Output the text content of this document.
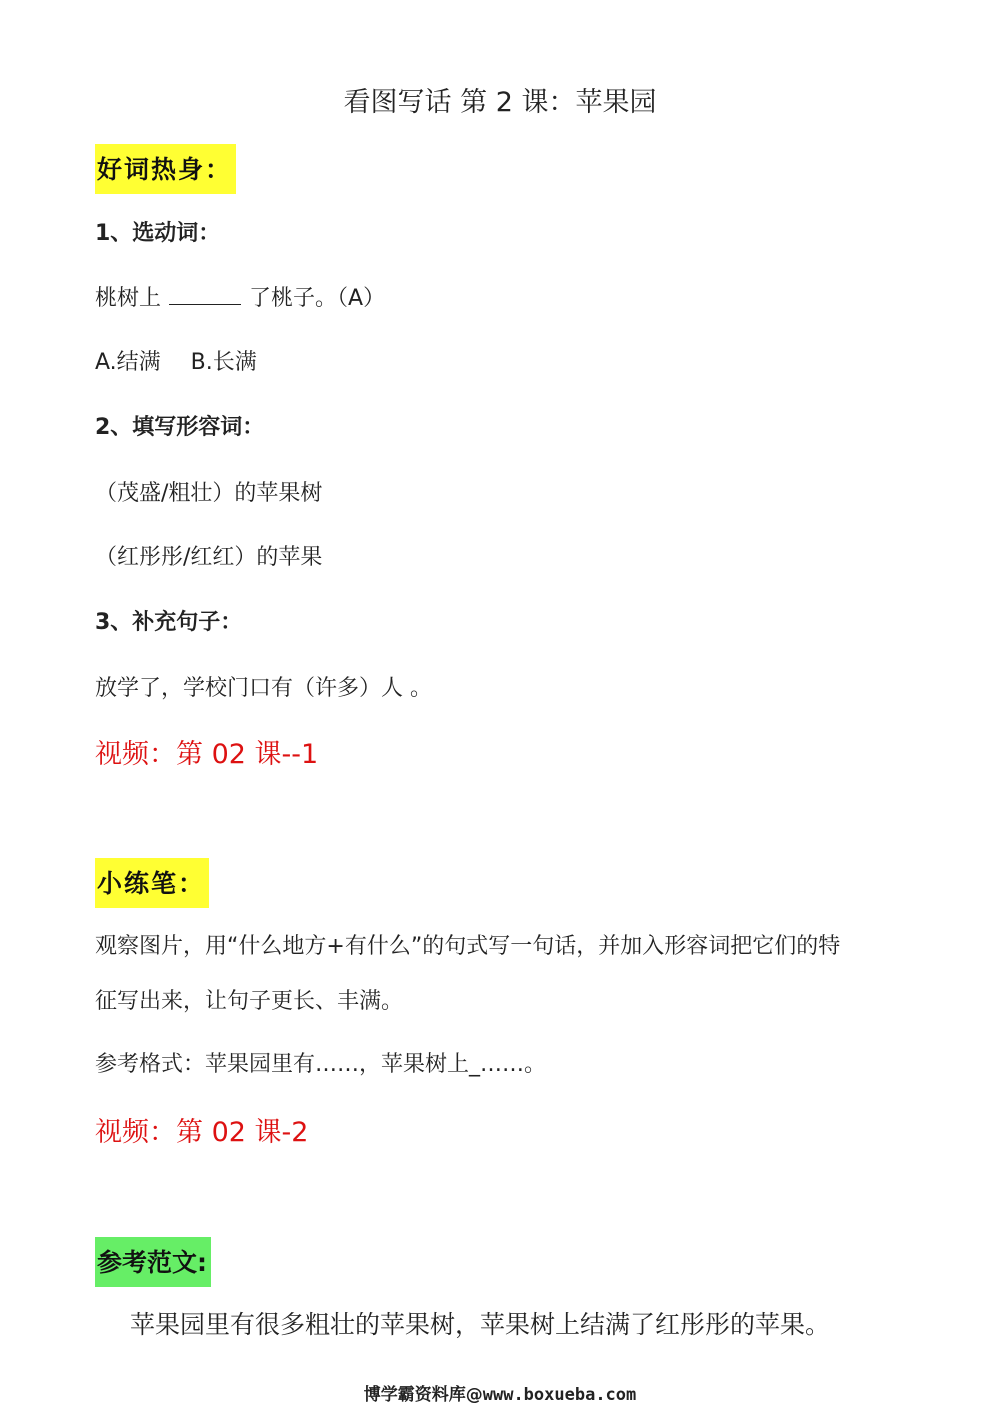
看图写话 第 2 课：苹果园
好词热身：
1、选动词：
桃树上	了桃子。（A）
A.结满 B.长满
2、填写形容词：
（茂盛/粗壮）的苹果树
（红彤彤/红红）的苹果
3、补充句子：
放学了，学校门口有（许多）人 。
视频：第 02 课--1
小练笔：
观察图片，用“什么地方+有什么”的句式写一句话，并加入形容词把它们的特
征写出来，让句子更长、丰满。
参考格式：苹果园里有……，苹果树上_……。
视频：第 02 课-2
参考范文:
苹果园里有很多粗壮的苹果树，苹果树上结满了红彤彤的苹果。
博学霸资料库@www.boxueba.com
